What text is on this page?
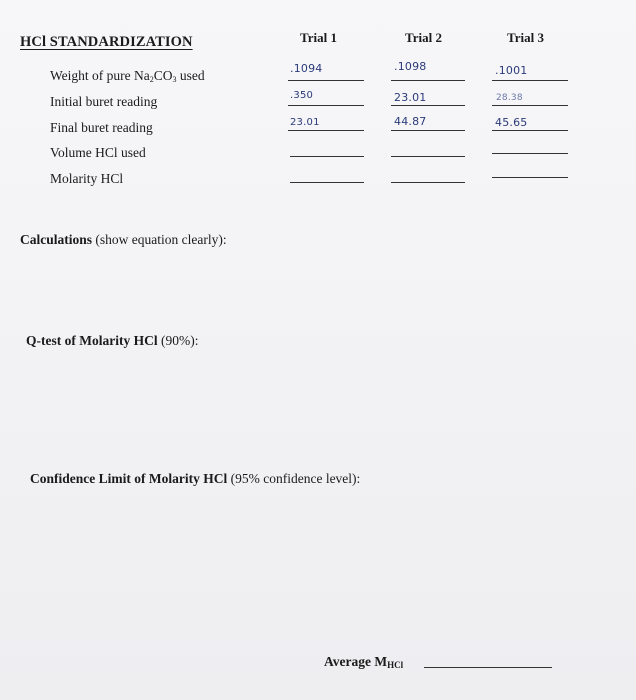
HCl STANDARDIZATION	Trial 1	Trial 2	Trial 3
Weight of pure $Na_2CO_3$ used	.1094	.1098	.1001
Initial buret reading	.350	23.01	28.38
Final buret reading	23.01	44.87	45.65
Volume HCl used
Molarity HCl
Calculations (show equation clearly):
Q-test of Molarity HCl (90%):
Confidence Limit of Molarity HCl (95% confidence level):
Average $M_{HCl}$
